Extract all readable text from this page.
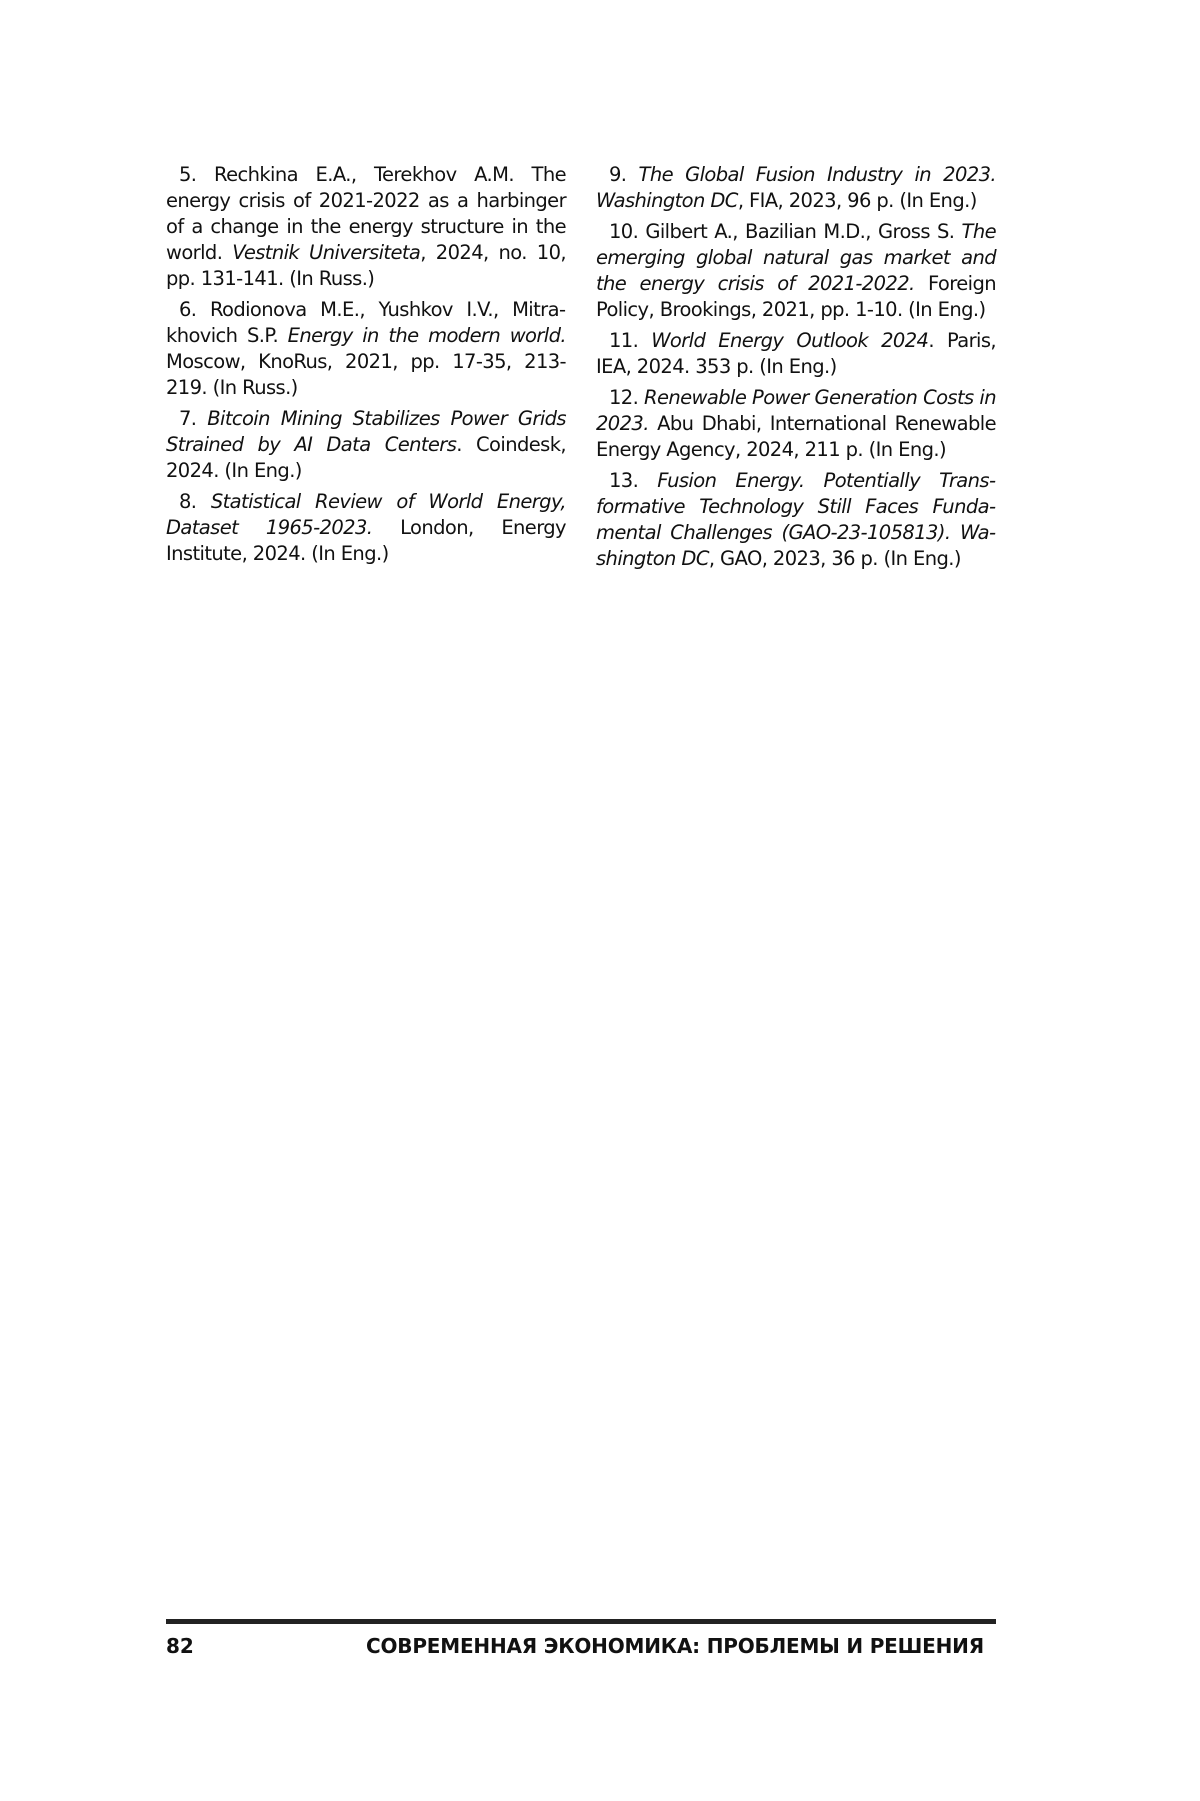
5. Rechkina E.A., Terekhov A.M. The energy crisis of 2021-2022 as a harbinger of a change in the energy structure in the world. Vestnik Universiteta, 2024, no. 10, pp. 131-141. (In Russ.)

6. Rodionova M.E., Yushkov I.V., Mitrakhovich S.P. Energy in the modern world. Moscow, KnoRus, 2021, pp. 17-35, 213-219. (In Russ.)

7. Bitcoin Mining Stabilizes Power Grids Strained by AI Data Centers. Coindesk, 2024. (In Eng.)

8. Statistical Review of World Energy, Dataset 1965-2023. London, Energy Institute, 2024. (In Eng.)

9. The Global Fusion Industry in 2023. Washington DC, FIA, 2023, 96 p. (In Eng.)

10. Gilbert A., Bazilian M.D., Gross S. The emerging global natural gas market and the energy crisis of 2021-2022. Foreign Policy, Brookings, 2021, pp. 1-10. (In Eng.)

11. World Energy Outlook 2024. Paris, IEA, 2024. 353 p. (In Eng.)

12. Renewable Power Generation Costs in 2023. Abu Dhabi, International Renewable Energy Agency, 2024, 211 p. (In Eng.)

13. Fusion Energy. Potentially Transformative Technology Still Faces Fundamental Challenges (GAO-23-105813). Washington DC, GAO, 2023, 36 p. (In Eng.)

82	СОВРЕМЕННАЯ ЭКОНОМИКА: ПРОБЛЕМЫ И РЕШЕНИЯ
